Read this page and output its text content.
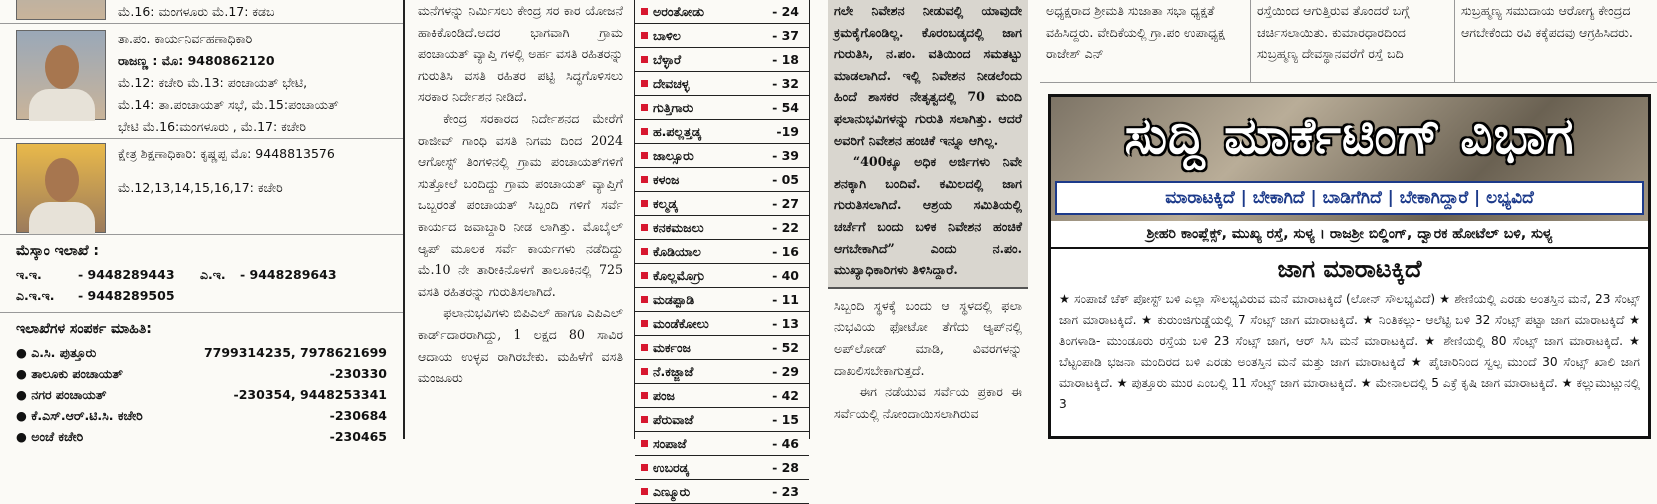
ಮೆ.16: ಮಂಗಳೂರು ಮೆ.17: ಕಡಬ
ತಾ.ಪಂ. ಕಾರ್ಯನಿರ್ವಹಣಾಧಿಕಾರಿ
ರಾಜಣ್ಣ : ಮೊ: 9480862120
ಮೆ.12: ಕಚೇರಿ ಮೆ.13: ಪಂಚಾಯತ್ ಭೇಟಿ,
ಮೆ.14: ತಾ.ಪಂಚಾಯತ್ ಸಭೆ, ಮೆ.15:ಪಂಚಾಯತ್
ಭೇಟಿ ಮೆ.16:ಮಂಗಳೂರು , ಮೆ.17: ಕಚೇರಿ
ಕ್ಷೇತ್ರ ಶಿಕ್ಷಣಾಧಿಕಾರಿ: ಕೃಷ್ಣಪ್ಪ ಮೊ: 9448813576
ಮೆ.12,13,14,15,16,17: ಕಚೇರಿ
ಮೆಸ್ಕಾಂ ಇಲಾಖೆ :
ಇ.ಇ.	- 9448289443	ಎ.ಇ.	- 9448289643
ಎ.ಇ.ಇ.	- 9448289505
ಇಲಾಖೆಗಳ ಸಂಪರ್ಕ ಮಾಹಿತಿ:
● ಎ.ಸಿ. ಪುತ್ತೂರು	7799314235, 7978621699
● ತಾಲೂಕು ಪಂಚಾಯತ್	-230330
● ನಗರ ಪಂಚಾಯತ್	-230354, 9448253341
● ಕೆ.ಎಸ್.ಆರ್.ಟಿ.ಸಿ. ಕಚೇರಿ	-230684
● ಅಂಚೆ ಕಚೇರಿ	-230465

ಮನೆಗಳನ್ನು ನಿರ್ಮಿಸಲು ಕೇಂದ್ರ ಸರ ಕಾರ ಯೋಜನೆ ಹಾಕಿಕೊಂಡಿದೆ.ಅದರ ಭಾಗವಾಗಿ ಗ್ರಾಮ ಪಂಚಾಯತ್ ವ್ಯಾಪ್ತಿ ಗಳಲ್ಲಿ ಅರ್ಹ ವಸತಿ ರಹಿತರನ್ನು ಗುರುತಿಸಿ ವಸತಿ ರಹಿತರ ಪಟ್ಟಿ ಸಿದ್ಧಗೊಳಿಸಲು ಸರಕಾರ ನಿರ್ದೇಶನ ನೀಡಿದೆ.

ಕೇಂದ್ರ ಸರಕಾರದ ನಿರ್ದೇಶನದ ಮೇರೆಗೆ ರಾಜೀವ್ ಗಾಂಧಿ ವಸತಿ ನಿಗಮ ದಿಂದ 2024 ಆಗೋಸ್ಟ್ ತಿಂಗಳಿನಲ್ಲಿ ಗ್ರಾಮ ಪಂಚಾಯತ್‌ಗಳಿಗೆ ಸುತ್ತೋಲೆ ಬಂದಿದ್ದು ಗ್ರಾಮ ಪಂಚಾಯತ್ ವ್ಯಾಪ್ತಿಗೆ ಒಬ್ಬರಂತೆ ಪಂಚಾಯತ್ ಸಿಬ್ಬಂದಿ ಗಳಿಗೆ ಸರ್ವೆ ಕಾರ್ಯದ ಜವಾಬ್ದಾರಿ ನೀಡ ಲಾಗಿತ್ತು. ಮೊಬೈಲ್ ಆ್ಯಪ್ ಮೂಲಕ ಸರ್ವೆ ಕಾರ್ಯಗಳು ನಡೆದಿದ್ದು ಮೆ.10 ನೇ ತಾರೀಕಿನೊಳಗೆ ತಾಲೂಕಿನಲ್ಲಿ 725 ವಸತಿ ರಹಿತರನ್ನು ಗುರುತಿಸಲಾಗಿದೆ.

ಫಲಾನುಭವಿಗಳು ಬಿಪಿಎಲ್ ಹಾಗೂ ಎಪಿಎಲ್ ಕಾರ್ಡ್‌ದಾರರಾಗಿದ್ದು, 1 ಲಕ್ಷದ 80 ಸಾವಿರ ಆದಾಯ ಉಳ್ಳವ ರಾಗಿರಬೇಕು. ಮಹಿಳೆಗೆ ವಸತಿ ಮಂಜೂರು

ಅರಂತೋಡು	- 24
ಬಾಳಿಲ	- 37
ಬೆಳ್ಳಾರೆ	- 18
ದೇವಚಳ್ಳ	- 32
ಗುತ್ತಿಗಾರು	- 54
ಹ.ಪಲ್ಲತ್ತಡ್ಕ	-19
ಜಾಲ್ಸೂರು	- 39
ಕಳಂಜ	- 05
ಕಲ್ಮಡ್ಕ	- 27
ಕನಕಮಜಲು	- 22
ಕೊಡಿಯಾಲ	- 16
ಕೊಲ್ಲಮೊಗ್ರು	- 40
ಮಡಪ್ಪಾಡಿ	- 11
ಮಂಡೆಕೋಲು	- 13
ಮರ್ಕಂಜ	- 52
ನೆ.ಕಜ್ಜಾಜೆ	- 29
ಪಂಜ	- 42
ಪೆರುವಾಜೆ	- 15
ಸಂಪಾಜೆ	- 46
ಉಬರಡ್ಕ	- 28
ಎಣ್ಮೂರು	- 23

ಗಲೇ ನಿವೇಶನ ನೀಡುವಲ್ಲಿ ಯಾವುದೇ ಕ್ರಮಕೈಗೊಂಡಿಲ್ಲ. ಕೊರಂಬಡ್ಕದಲ್ಲಿ ಜಾಗ ಗುರುತಿಸಿ, ನ.ಪಂ. ವತಿಯಿಂದ ಸಮತಟ್ಟು ಮಾಡಲಾಗಿದೆ. ಇಲ್ಲಿ ನಿವೇಶನ ನೀಡಲೆಂದು ಹಿಂದೆ ಶಾಸಕರ ನೇತೃತ್ವದಲ್ಲಿ 70 ಮಂದಿ ಫಲಾನುಭವಿಗಳನ್ನು ಗುರುತಿ ಸಲಾಗಿತ್ತು. ಆದರೆ ಅವರಿಗೆ ನಿವೇಶನ ಹಂಚಿಕೆ ಇನ್ನೂ ಆಗಿಲ್ಲ.

“400ಕ್ಕೂ ಅಧಿಕ ಅರ್ಜಿಗಳು ನಿವೇ ಶನಕ್ಕಾಗಿ ಬಂದಿವೆ. ಕಮಿಲದಲ್ಲಿ ಜಾಗ ಗುರುತಿಸಲಾಗಿದೆ. ಆಶ್ರಯ ಸಮಿತಿಯಲ್ಲಿ ಚರ್ಚೆಗೆ ಬಂದು ಬಳಿಕ ನಿವೇಶನ ಹಂಚಿಕೆ ಆಗಬೇಕಾಗಿದೆ” ಎಂದು ನ.ಪಂ. ಮುಖ್ಯಾಧಿಕಾರಿಗಳು ತಿಳಿಸಿದ್ದಾರೆ.

ಸಿಬ್ಬಂದಿ ಸ್ಥಳಕ್ಕೆ ಬಂದು ಆ ಸ್ಥಳದಲ್ಲಿ ಫಲಾ ನುಭವಿಯ ಫೋಟೋ ತೆಗೆದು ಆ್ಯಪ್‌ನಲ್ಲಿ ಅಪ್‌ಲೋಡ್ ಮಾಡಿ, ವಿವರಗಳನ್ನು ದಾಖಲಿಸಬೇಕಾಗುತ್ತದೆ.

ಈಗ ನಡೆಯುವ ಸರ್ವೆಯ ಪ್ರಕಾರ ಈ ಸರ್ವೆಯಲ್ಲಿ ನೋಂದಾಯಿಸಲಾಗಿರುವ

ಅಧ್ಯಕ್ಷರಾದ ಶ್ರೀಮತಿ ಸುಜಾತಾ ಸಭಾ ಧ್ಯಕ್ಷತೆ ವಹಿಸಿದ್ದರು. ವೇದಿಕೆಯಲ್ಲಿ ಗ್ರಾ.ಪಂ ಉಪಾಧ್ಯಕ್ಷ ರಾಜೇಶ್ ಎನ್
ರಸ್ತೆಯಿಂದ ಆಗುತ್ತಿರುವ ತೊಂದರೆ ಬಗ್ಗೆ ಚರ್ಚಿಸಲಾಯಿತು. ಕುಮಾರಧಾರದಿಂದ ಸುಬ್ರಹ್ಮಣ್ಯ ದೇವಸ್ಥಾನವರೆಗೆ ರಸ್ತೆ ಬದಿ
ಸುಬ್ರಹ್ಮಣ್ಯ ಸಮುದಾಯ ಆರೋಗ್ಯ ಕೇಂದ್ರದ ಆಗಬೇಕೆಂದು ರವಿ ಕಕ್ಕೆಪದವು ಆಗ್ರಹಿಸಿದರು.
ಸುದ್ದಿ ಮಾರ್ಕೆಟಿಂಗ್ ವಿಭಾಗ
ಮಾರಾಟಕ್ಕಿದೆ | ಬೇಕಾಗಿದೆ | ಬಾಡಿಗೆಗಿದೆ | ಬೇಕಾಗಿದ್ದಾರೆ | ಲಭ್ಯವಿದೆ
ಶ್ರೀಹರಿ ಕಾಂಪ್ಲೆಕ್ಸ್, ಮುಖ್ಯ ರಸ್ತೆ, ಸುಳ್ಯ । ರಾಜಶ್ರೀ ಬಿಲ್ಡಿಂಗ್, ದ್ವಾರಕ ಹೋಟೆಲ್ ಬಳಿ, ಸುಳ್ಯ
ಜಾಗ ಮಾರಾಟಕ್ಕಿದೆ
★ ಸಂಪಾಜೆ ಚೆಕ್ ಪೋಸ್ಟ್ ಬಳಿ ಎಲ್ಲಾ ಸೌಲಭ್ಯವಿರುವ ಮನೆ ಮಾರಾಟಕ್ಕಿದೆ (ಲೋನ್ ಸೌಲಭ್ಯವಿದೆ) ★ ಶೇಣಿಯಲ್ಲಿ ಎರಡು ಅಂತಸ್ತಿನ ಮನೆ, 23 ಸೆಂಟ್ಸ್ ಜಾಗ ಮಾರಾಟಕ್ಕಿದೆ. ★ ಕುರುಂಜಿಗುಡ್ಡೆಯಲ್ಲಿ 7 ಸೆಂಟ್ಸ್ ಜಾಗ ಮಾರಾಟಕ್ಕಿದೆ. ★ ನಿಂತಿಕಲ್ಲು- ಆಲೆಟ್ಟಿ ಬಳಿ 32 ಸೆಂಟ್ಸ್ ಪಟ್ಟಾ ಜಾಗ ಮಾರಾಟಕ್ಕಿದೆ ★ ತಿಂಗಳಾಡಿ- ಮುಂಡೂರು ರಸ್ತೆಯ ಬಳಿ 23 ಸೆಂಟ್ಸ್ ಜಾಗ, ಆರ್ ಸಿಸಿ ಮನೆ ಮಾರಾಟಕ್ಕಿದೆ. ★ ಶೇಣಿಯಲ್ಲಿ 80 ಸೆಂಟ್ಸ್ ಜಾಗ ಮಾರಾಟಕ್ಕಿದೆ. ★ ಬೆಟ್ಟಂಪಾಡಿ ಭಜನಾ ಮಂದಿರದ ಬಳಿ ಎರಡು ಅಂತಸ್ತಿನ ಮನೆ ಮತ್ತು ಜಾಗ ಮಾರಾಟಕ್ಕಿದೆ ★ ಪೈಚಾರಿನಿಂದ ಸ್ವಲ್ಪ ಮುಂದೆ 30 ಸೆಂಟ್ಸ್ ಖಾಲಿ ಜಾಗ ಮಾರಾಟಕ್ಕಿದೆ. ★ ಪುತ್ತೂರು ಮುರ ಎಂಬಲ್ಲಿ 11 ಸೆಂಟ್ಸ್ ಜಾಗ ಮಾರಾಟಕ್ಕಿದೆ. ★ ಮೇನಾಲದಲ್ಲಿ 5 ಎಕ್ರೆ ಕೃಷಿ ಜಾಗ ಮಾರಾಟಕ್ಕಿದೆ. ★ ಕಲ್ಲುಮುಟ್ಲುನಲ್ಲಿ 3
